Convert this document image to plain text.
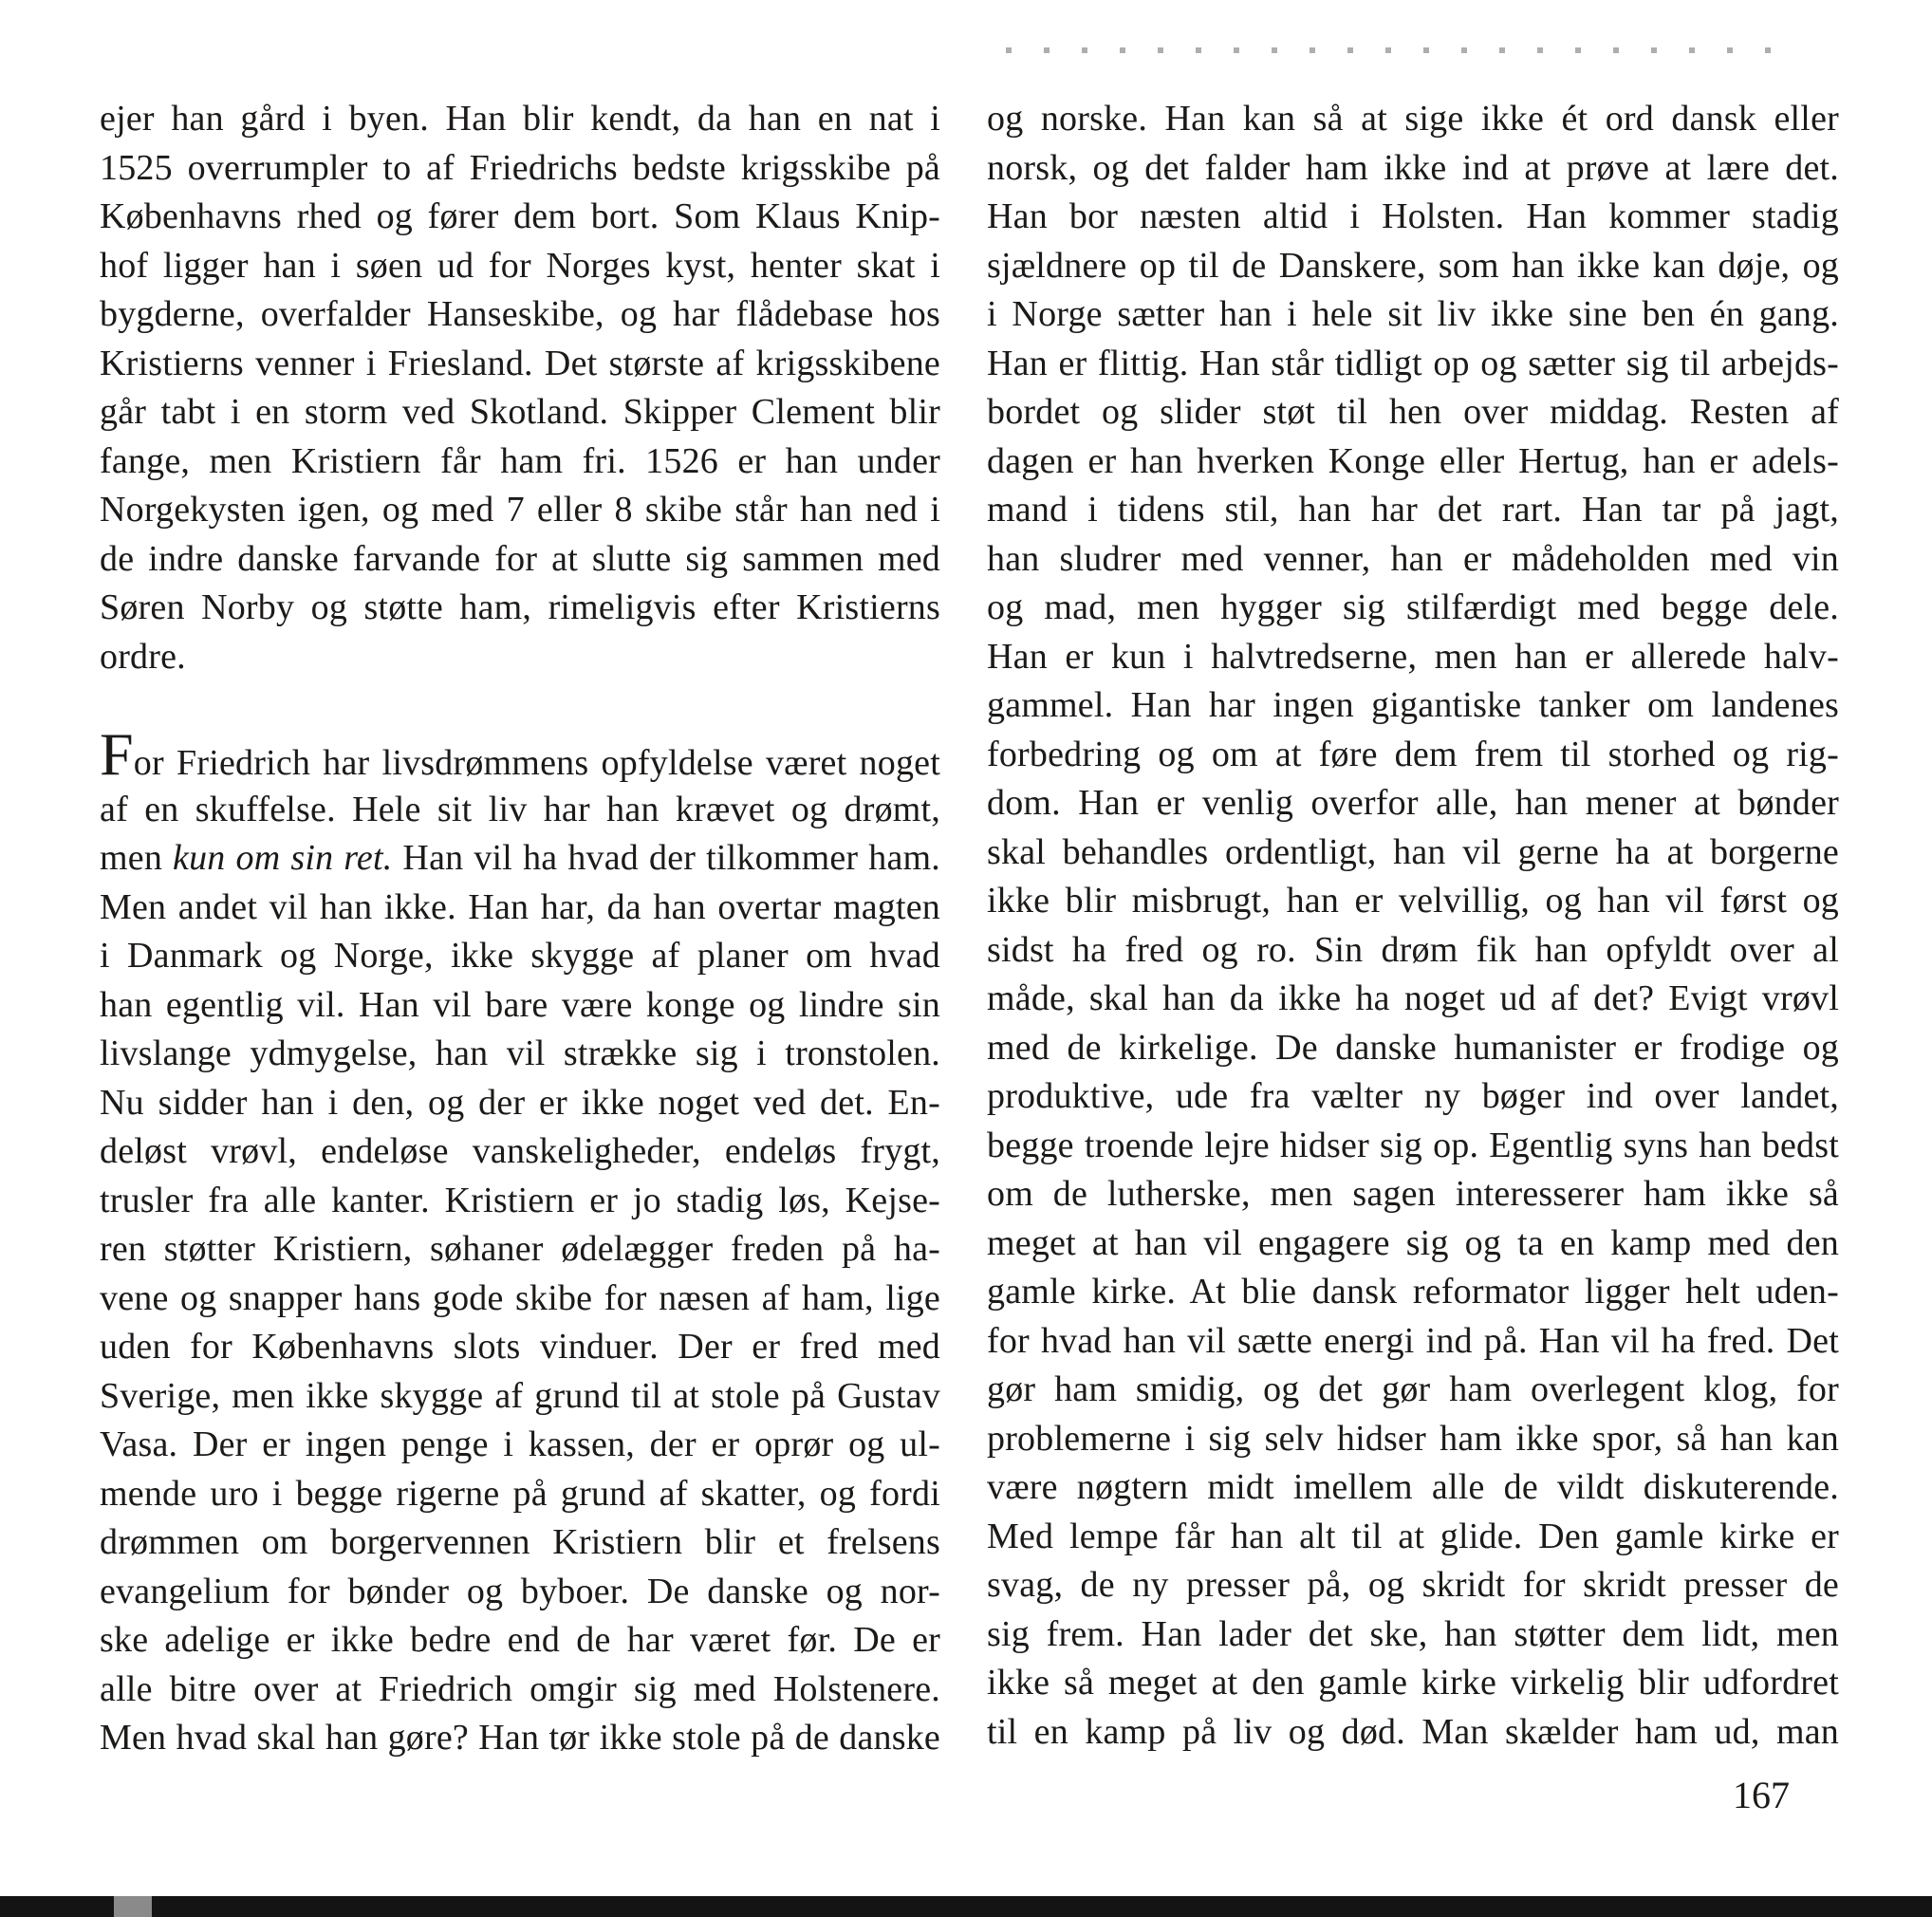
ejer han gård i byen. Han blir kendt, da han en nat i
1525 overrumpler to af Friedrichs bedste krigsskibe på
Københavns rhed og fører dem bort. Som Klaus Knip-
hof ligger han i søen ud for Norges kyst, henter skat i
bygderne, overfalder Hanseskibe, og har flådebase hos
Kristierns venner i Friesland. Det største af krigsskibene
går tabt i en storm ved Skotland. Skipper Clement blir
fange, men Kristiern får ham fri. 1526 er han under
Norgekysten igen, og med 7 eller 8 skibe står han ned i
de indre danske farvande for at slutte sig sammen med
Søren Norby og støtte ham, rimeligvis efter Kristierns
ordre.
For Friedrich har livsdrømmens opfyldelse været noget
af en skuffelse. Hele sit liv har han krævet og drømt,
men kun om sin ret. Han vil ha hvad der tilkommer ham.
Men andet vil han ikke. Han har, da han overtar magten
i Danmark og Norge, ikke skygge af planer om hvad
han egentlig vil. Han vil bare være konge og lindre sin
livslange ydmygelse, han vil strække sig i tronstolen.
Nu sidder han i den, og der er ikke noget ved det. En-
deløst vrøvl, endeløse vanskeligheder, endeløs frygt,
trusler fra alle kanter. Kristiern er jo stadig løs, Kejse-
ren støtter Kristiern, søhaner ødelægger freden på ha-
vene og snapper hans gode skibe for næsen af ham, lige
uden for Københavns slots vinduer. Der er fred med
Sverige, men ikke skygge af grund til at stole på Gustav
Vasa. Der er ingen penge i kassen, der er oprør og ul-
mende uro i begge rigerne på grund af skatter, og fordi
drømmen om borgervennen Kristiern blir et frelsens
evangelium for bønder og byboer. De danske og nor-
ske adelige er ikke bedre end de har været før. De er
alle bitre over at Friedrich omgir sig med Holstenere.
Men hvad skal han gøre? Han tør ikke stole på de danske
og norske. Han kan så at sige ikke ét ord dansk eller
norsk, og det falder ham ikke ind at prøve at lære det.
Han bor næsten altid i Holsten. Han kommer stadig
sjældnere op til de Danskere, som han ikke kan døje, og
i Norge sætter han i hele sit liv ikke sine ben én gang.
Han er flittig. Han står tidligt op og sætter sig til arbejds-
bordet og slider støt til hen over middag. Resten af
dagen er han hverken Konge eller Hertug, han er adels-
mand i tidens stil, han har det rart. Han tar på jagt,
han sludrer med venner, han er mådeholden med vin
og mad, men hygger sig stilfærdigt med begge dele.
Han er kun i halvtredserne, men han er allerede halv-
gammel. Han har ingen gigantiske tanker om landenes
forbedring og om at føre dem frem til storhed og rig-
dom. Han er venlig overfor alle, han mener at bønder
skal behandles ordentligt, han vil gerne ha at borgerne
ikke blir misbrugt, han er velvillig, og han vil først og
sidst ha fred og ro. Sin drøm fik han opfyldt over al
måde, skal han da ikke ha noget ud af det? Evigt vrøvl
med de kirkelige. De danske humanister er frodige og
produktive, ude fra vælter ny bøger ind over landet,
begge troende lejre hidser sig op. Egentlig syns han bedst
om de lutherske, men sagen interesserer ham ikke så
meget at han vil engagere sig og ta en kamp med den
gamle kirke. At blie dansk reformator ligger helt uden-
for hvad han vil sætte energi ind på. Han vil ha fred. Det
gør ham smidig, og det gør ham overlegent klog, for
problemerne i sig selv hidser ham ikke spor, så han kan
være nøgtern midt imellem alle de vildt diskuterende.
Med lempe får han alt til at glide. Den gamle kirke er
svag, de ny presser på, og skridt for skridt presser de
sig frem. Han lader det ske, han støtter dem lidt, men
ikke så meget at den gamle kirke virkelig blir udfordret
til en kamp på liv og død. Man skælder ham ud, man
167
